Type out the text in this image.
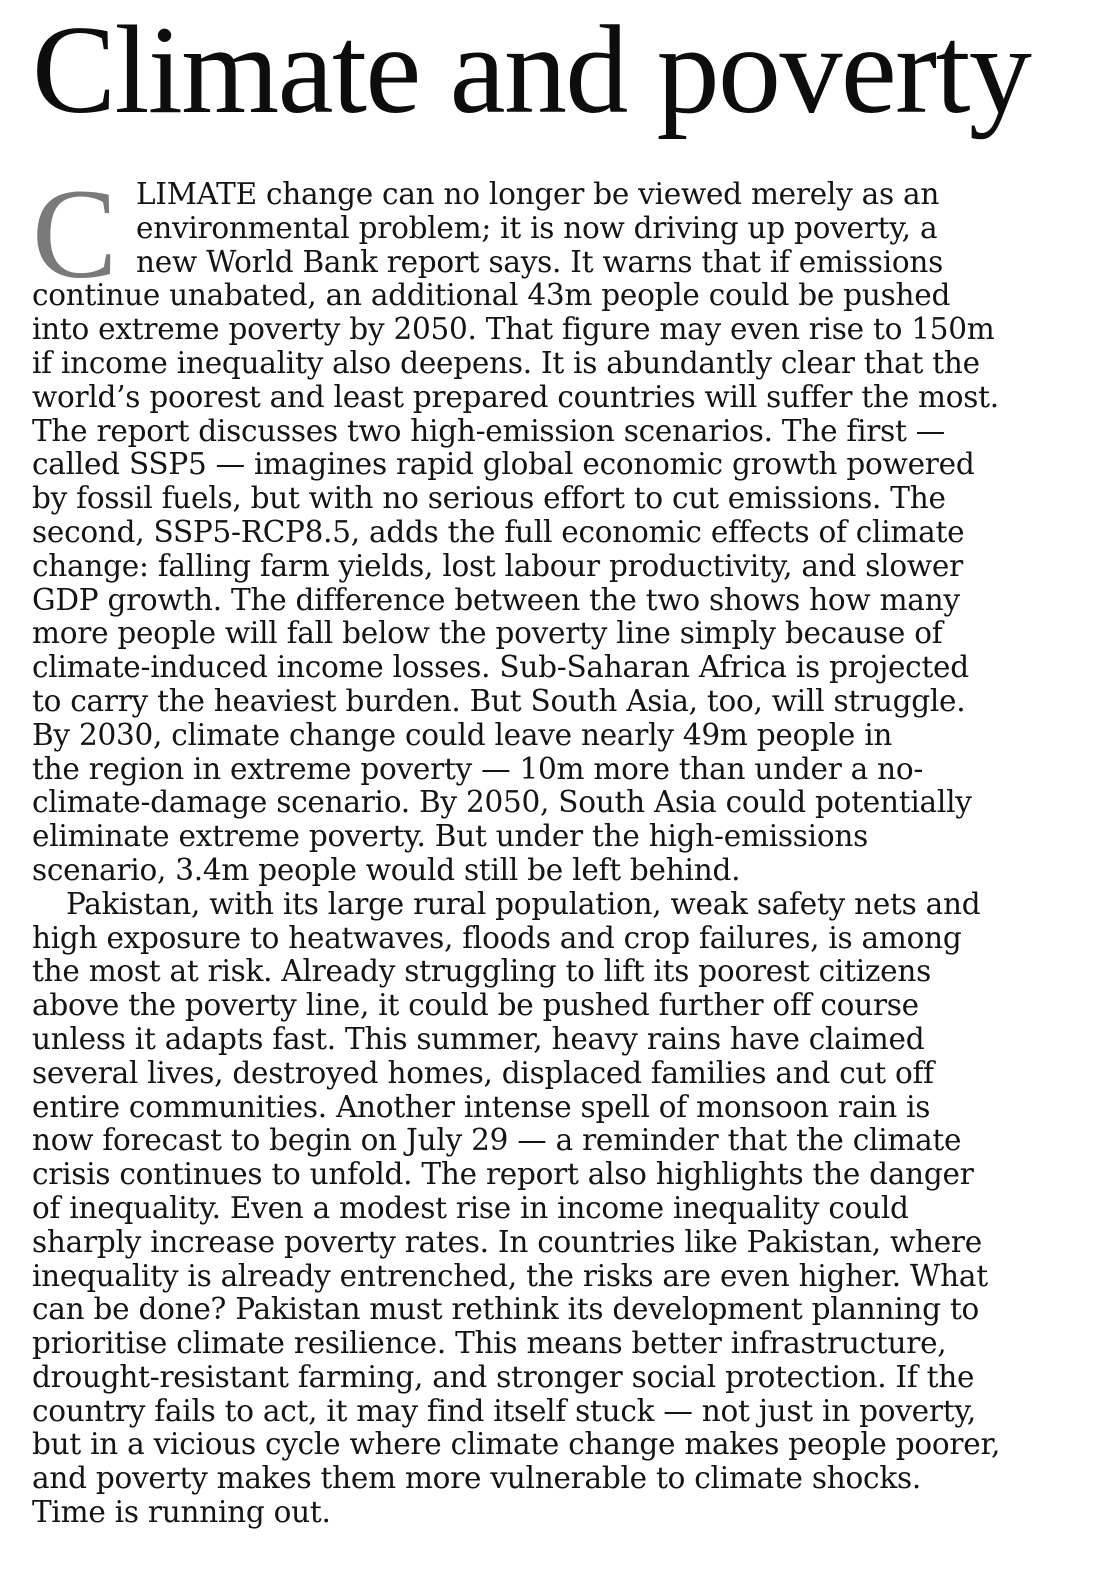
Climate and poverty
C LIMATE change can no longer be viewed merely as an
environmental problem; it is now driving up poverty, a
new World Bank report says. It warns that if emissions
continue unabated, an additional 43m people could be pushed
into extreme poverty by 2050. That figure may even rise to 150m
if income inequality also deepens. It is abundantly clear that the
world’s poorest and least prepared countries will suffer the most.
The report discusses two high-emission scenarios. The first —
called SSP5 — imagines rapid global economic growth powered
by fossil fuels, but with no serious effort to cut emissions. The
second, SSP5-RCP8.5, adds the full economic effects of climate
change: falling farm yields, lost labour productivity, and slower
GDP growth. The difference between the two shows how many
more people will fall below the poverty line simply because of
climate-induced income losses. Sub-Saharan Africa is projected
to carry the heaviest burden. But South Asia, too, will struggle.
By 2030, climate change could leave nearly 49m people in
the region in extreme poverty — 10m more than under a no-
climate-damage scenario. By 2050, South Asia could potentially
eliminate extreme poverty. But under the high-emissions
scenario, 3.4m people would still be left behind.
Pakistan, with its large rural population, weak safety nets and
high exposure to heatwaves, floods and crop failures, is among
the most at risk. Already struggling to lift its poorest citizens
above the poverty line, it could be pushed further off course
unless it adapts fast. This summer, heavy rains have claimed
several lives, destroyed homes, displaced families and cut off
entire communities. Another intense spell of monsoon rain is
now forecast to begin on July 29 — a reminder that the climate
crisis continues to unfold. The report also highlights the danger
of inequality. Even a modest rise in income inequality could
sharply increase poverty rates. In countries like Pakistan, where
inequality is already entrenched, the risks are even higher. What
can be done? Pakistan must rethink its development planning to
prioritise climate resilience. This means better infrastructure,
drought-resistant farming, and stronger social protection. If the
country fails to act, it may find itself stuck — not just in poverty,
but in a vicious cycle where climate change makes people poorer,
and poverty makes them more vulnerable to climate shocks.
Time is running out.
